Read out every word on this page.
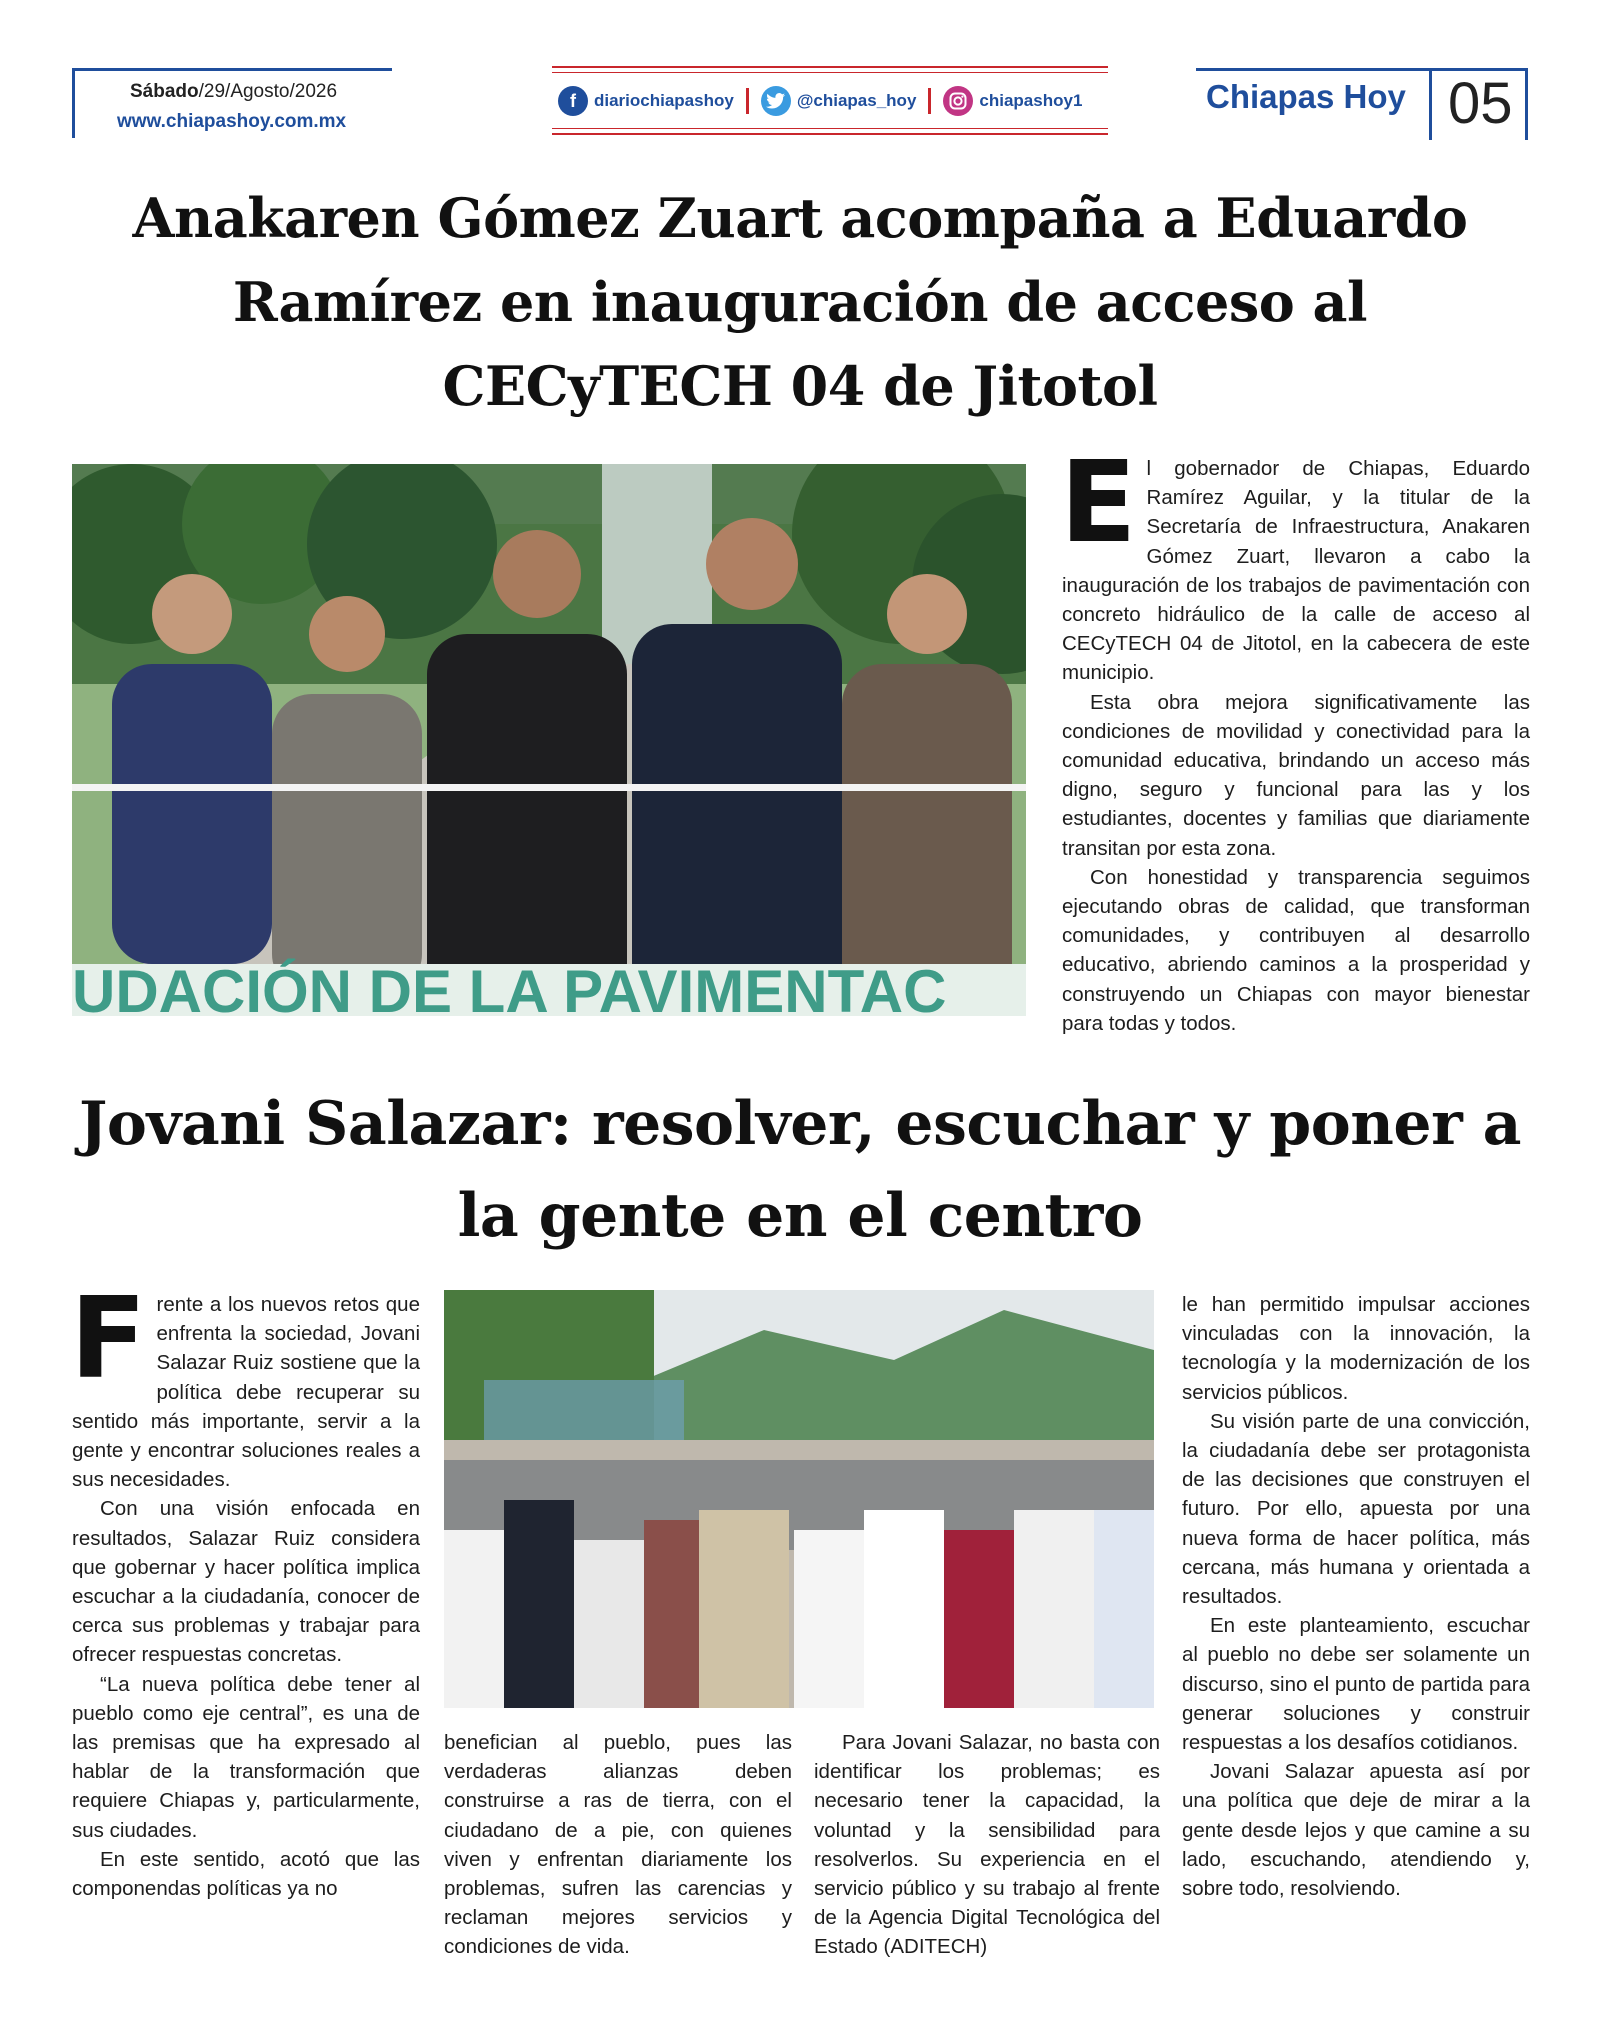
Sábado/29/Agosto/2026
www.chiapashoy.com.mx
f	diariochiapashoy	@chiapas_hoy	chiapashoy1	Chiapas Hoy 05
Anakaren Gómez Zuart acompaña a Eduardo Ramírez en inauguración de acceso al CECyTECH 04 de Jitotol
UDACIÓN DE LA PAVIMENTAC

El gobernador de Chiapas, Eduardo Ramírez Aguilar, y la titular de la Secretaría de Infraestructura, Anakaren Gómez Zuart, llevaron a cabo la inauguración de los trabajos de pavimentación con concreto hidráulico de la calle de acceso al CECyTECH 04 de Jitotol, en la cabecera de este municipio.

Esta obra mejora significativamente las condiciones de movilidad y conectividad para la comunidad educativa, brindando un acceso más digno, seguro y funcional para las y los estudiantes, docentes y familias que diariamente transitan por esta zona.

Con honestidad y transparencia seguimos ejecutando obras de calidad, que transforman comunidades, y contribuyen al desarrollo educativo, abriendo caminos a la prosperidad y construyendo un Chiapas con mayor bienestar para todas y todos.

Jovani Salazar: resolver, escuchar y poner a la gente en el centro

Frente a los nuevos retos que enfrenta la sociedad, Jovani Salazar Ruiz sostiene que la política debe recuperar su sentido más importante, servir a la gente y encontrar soluciones reales a sus necesidades.

Con una visión enfocada en resultados, Salazar Ruiz considera que gobernar y hacer política implica escuchar a la ciudadanía, conocer de cerca sus problemas y trabajar para ofrecer respuestas concretas.

“La nueva política debe tener al pueblo como eje central”, es una de las premisas que ha expresado al hablar de la transformación que requiere Chiapas y, particularmente, sus ciudades.

En este sentido, acotó que las componendas políticas ya no

benefician al pueblo, pues las verdaderas alianzas deben construirse a ras de tierra, con el ciudadano de a pie, con quienes viven y enfrentan diariamente los problemas, sufren las carencias y reclaman mejores servicios y condiciones de vida.

Para Jovani Salazar, no basta con identificar los problemas; es necesario tener la capacidad, la voluntad y la sensibilidad para resolverlos. Su experiencia en el servicio público y su trabajo al frente de la Agencia Digital Tecnológica del Estado (ADITECH)

le han permitido impulsar acciones vinculadas con la innovación, la tecnología y la modernización de los servicios públicos.

Su visión parte de una convicción, la ciudadanía debe ser protagonista de las decisiones que construyen el futuro. Por ello, apuesta por una nueva forma de hacer política, más cercana, más humana y orientada a resultados.

En este planteamiento, escuchar al pueblo no debe ser solamente un discurso, sino el punto de partida para generar soluciones y construir respuestas a los desafíos cotidianos.

Jovani Salazar apuesta así por una política que deje de mirar a la gente desde lejos y que camine a su lado, escuchando, atendiendo y, sobre todo, resolviendo.
